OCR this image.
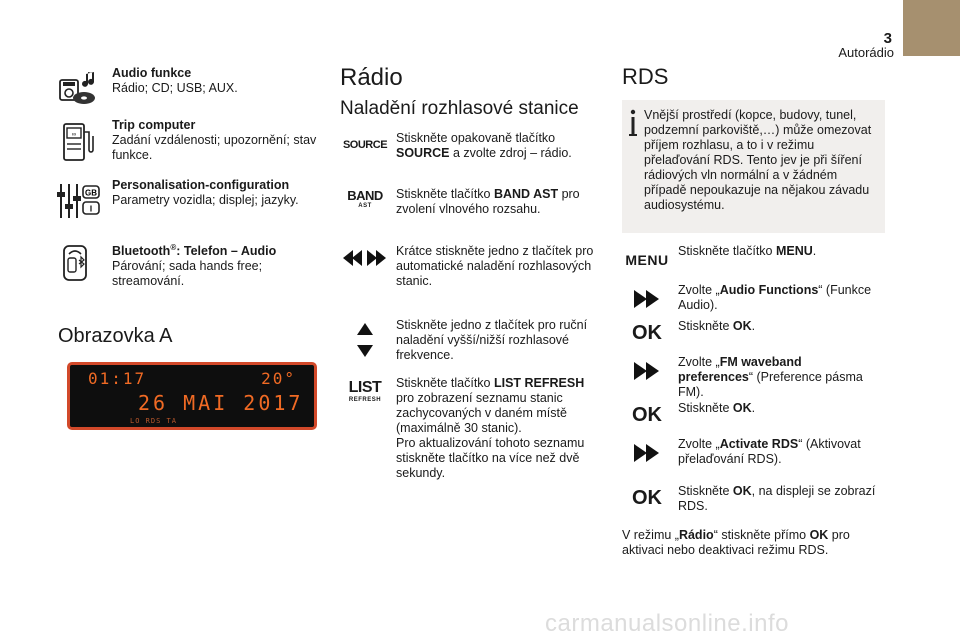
3
Autorádio
Audio funkce
Rádio; CD; USB; AUX.
∞
Trip computer
Zadání vzdálenosti; upozornění; stav funkce.
GB
I
Personalisation-configuration
Parametry vozidla; displej; jazyky.
Bluetooth®: Telefon – Audio
Párování; sada hands free; streamování.
Obrazovka A
01:17	20°
26 MAI 2017
LO RDS TA
Rádio
Naladění rozhlasové stanice
SOURCE Stiskněte opakovaně tlačítko SOURCE a zvolte zdroj – rádio.
BAND
AST
Stiskněte tlačítko BAND AST pro zvolení vlnového rozsahu.
Krátce stiskněte jedno z tlačítek pro automatické naladění rozhlasových stanic.
Stiskněte jedno z tlačítek pro ruční naladění vyšší/nižší rozhlasové frekvence.
LIST
REFRESH
Stiskněte tlačítko LIST REFRESH pro zobrazení seznamu stanic zachycovaných v daném místě (maximálně 30 stanic).
Pro aktualizování tohoto seznamu stiskněte tlačítko na více než dvě sekundy.
RDS
Vnější prostředí (kopce, budovy, tunel, podzemní parkoviště,…) může omezovat příjem rozhlasu, a to i v režimu přelaďování RDS. Tento jev je při šíření rádiových vln normální a v žádném případě nepoukazuje na nějakou závadu audiosystému.
MENU
Stiskněte tlačítko MENU.
Zvolte „Audio Functions“ (Funkce Audio).
OK Stiskněte OK.
Zvolte „FM waveband preferences“ (Preference pásma FM).
OK Stiskněte OK.
Zvolte „Activate RDS“ (Aktivovat přelaďování RDS).
OK Stiskněte OK, na displeji se zobrazí RDS.
V režimu „Rádio“ stiskněte přímo OK pro aktivaci nebo deaktivaci režimu RDS.
carmanualsonline.info
